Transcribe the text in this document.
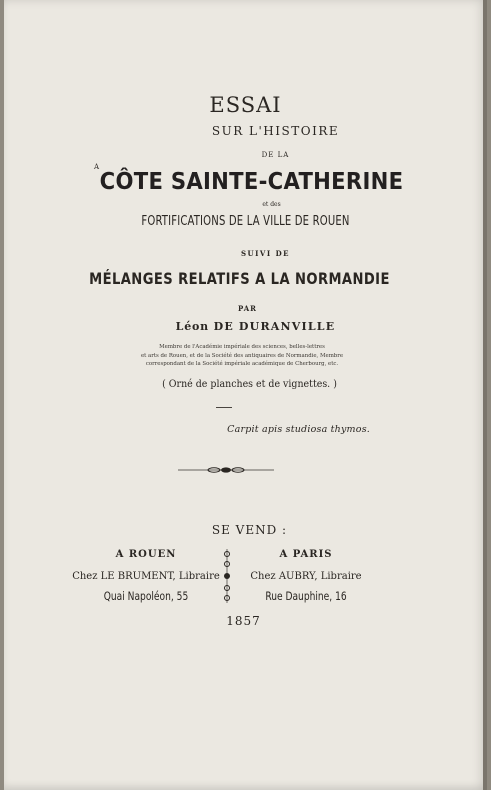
ESSAI
SUR L'HISTOIRE
DE LA
A
CÔTE SAINTE-CATHERINE
et des
FORTIFICATIONS DE LA VILLE DE ROUEN
SUIVI DE
MÉLANGES RELATIFS A LA NORMANDIE
PAR
Léon DE DURANVILLE
Membre de l'Académie impériale des sciences, belles-lettres
et arts de Rouen, et de la Société des antiquaires de Normandie, Membre
correspondant de la Société impériale académique de Cherbourg, etc.
( Orné de planches et de vignettes. )
Carpit apis studiosa thymos.
SE VEND :
A ROUEN
Chez LE BRUMENT, Libraire
Quai Napoléon, 55
A PARIS
Chez AUBRY, Libraire
Rue Dauphine, 16
1857
